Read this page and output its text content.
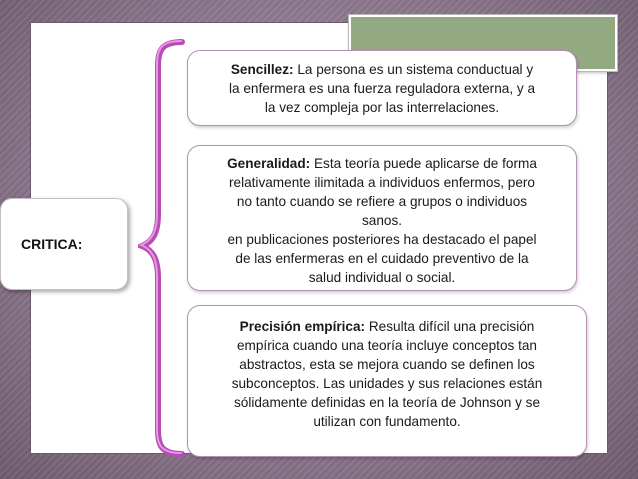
CRITICA:
Sencillez: La persona es un sistema conductual y
la enfermera es una fuerza reguladora externa, y a
la vez compleja por las interrelaciones.
Generalidad: Esta teoría puede aplicarse de forma
relativamente ilimitada a individuos enfermos, pero
no tanto cuando se refiere a grupos o individuos
sanos.
en publicaciones posteriores ha destacado el papel
de las enfermeras en el cuidado preventivo de la
salud individual o social.
Precisión empírica: Resulta difícil una precisión
empírica cuando una teoría incluye conceptos tan
abstractos, esta se mejora cuando se definen los
subconceptos. Las unidades y sus relaciones están
sólidamente definidas en la teoría de Johnson y se
utilizan con fundamento.
